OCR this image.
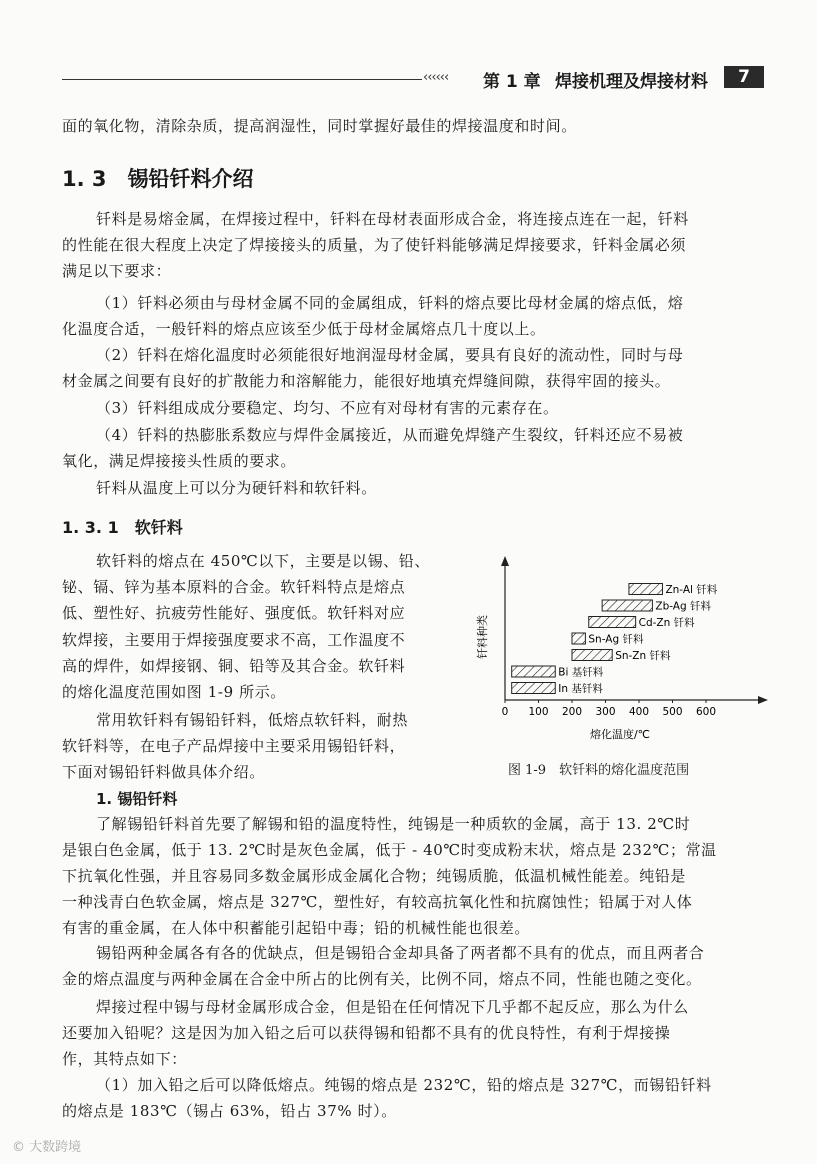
‹‹‹‹‹‹ 第 1 章 焊接机理及焊接材料	7
面的氧化物，清除杂质，提高润湿性，同时掌握好最佳的焊接温度和时间。
1. 3　锡铅钎料介绍
钎料是易熔金属，在焊接过程中，钎料在母材表面形成合金，将连接点连在一起，钎料
的性能在很大程度上决定了焊接接头的质量，为了使钎料能够满足焊接要求，钎料金属必须
满足以下要求：
（1）钎料必须由与母材金属不同的金属组成，钎料的熔点要比母材金属的熔点低，熔
化温度合适，一般钎料的熔点应该至少低于母材金属熔点几十度以上。
（2）钎料在熔化温度时必须能很好地润湿母材金属，要具有良好的流动性，同时与母
材金属之间要有良好的扩散能力和溶解能力，能很好地填充焊缝间隙，获得牢固的接头。
（3）钎料组成成分要稳定、均匀、不应有对母材有害的元素存在。
（4）钎料的热膨胀系数应与焊件金属接近，从而避免焊缝产生裂纹，钎料还应不易被
氧化，满足焊接接头性质的要求。
钎料从温度上可以分为硬钎料和软钎料。
1. 3. 1　软钎料
软钎料的熔点在 450℃以下，主要是以锡、铅、
铋、镉、锌为基本原料的合金。软钎料特点是熔点
低、塑性好、抗疲劳性能好、强度低。软钎料对应
软焊接，主要用于焊接强度要求不高，工作温度不
高的焊件，如焊接钢、铜、铅等及其合金。软钎料
的熔化温度范围如图 1-9 所示。
常用软钎料有锡铅钎料，低熔点软钎料，耐热
软钎料等，在电子产品焊接中主要采用锡铅钎料，
下面对锡铅钎料做具体介绍。
In 基钎料
Bi 基钎料
Sn-Zn 钎料
Sn-Ag 钎料
Cd-Zn 钎料
Zb-Ag 钎料
Zn-Al 钎料
0 100 200 300 400 500 600
钎料种类
熔化温度/℃
图 1-9　软钎料的熔化温度范围
1. 锡铅钎料
了解锡铅钎料首先要了解锡和铅的温度特性，纯锡是一种质软的金属，高于 13. 2℃时
是银白色金属，低于 13. 2℃时是灰色金属，低于 - 40℃时变成粉末状，熔点是 232℃；常温
下抗氧化性强，并且容易同多数金属形成金属化合物；纯锡质脆，低温机械性能差。纯铅是
一种浅青白色软金属，熔点是 327℃，塑性好，有较高抗氧化性和抗腐蚀性；铅属于对人体
有害的重金属，在人体中积蓄能引起铅中毒；铅的机械性能也很差。
锡铅两种金属各有各的优缺点，但是锡铅合金却具备了两者都不具有的优点，而且两者合
金的熔点温度与两种金属在合金中所占的比例有关，比例不同，熔点不同，性能也随之变化。
焊接过程中锡与母材金属形成合金，但是铅在任何情况下几乎都不起反应，那么为什么
还要加入铅呢？这是因为加入铅之后可以获得锡和铅都不具有的优良特性，有利于焊接操
作，其特点如下：
（1）加入铅之后可以降低熔点。纯锡的熔点是 232℃，铅的熔点是 327℃，而锡铅钎料
的熔点是 183℃（锡占 63%，铅占 37% 时）。
© 大数跨境
